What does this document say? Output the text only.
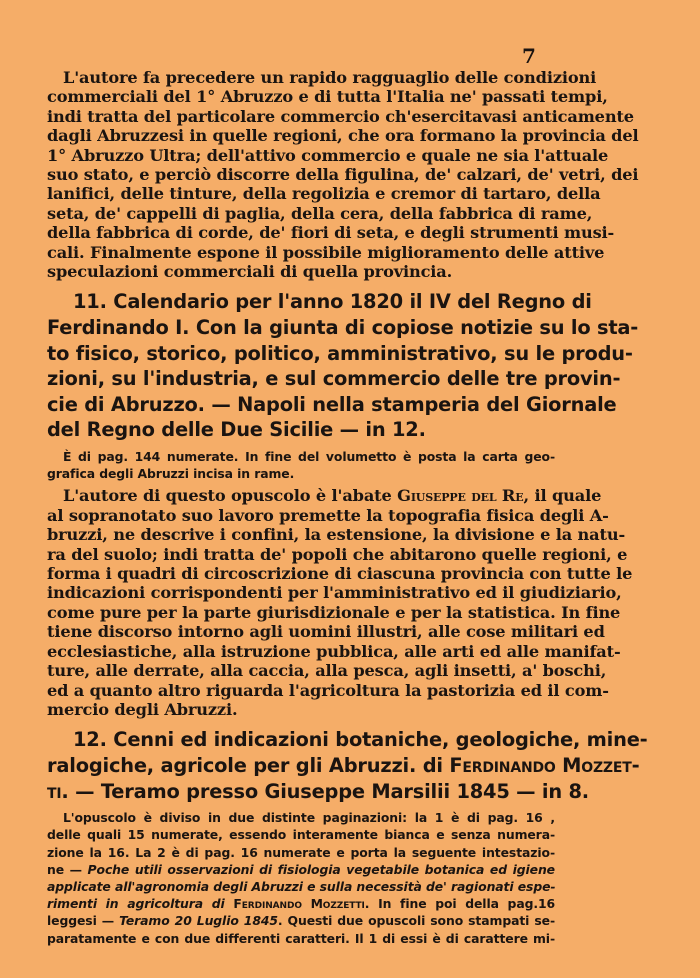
7

L'autore fa precedere un rapido ragguaglio delle condizioni
commerciali del 1° Abruzzo e di tutta l'Italia ne' passati tempi,
indi tratta del particolare commercio ch'esercitavasi anticamente
dagli Abruzzesi in quelle regioni, che ora formano la provincia del
1° Abruzzo Ultra; dell'attivo commercio e quale ne sia l'attuale
suo stato, e perciò discorre della figulina, de' calzari, de' vetri, dei
lanifici, delle tinture, della regolizia e cremor di tartaro, della
seta, de' cappelli di paglia, della cera, della fabbrica di rame,
della fabbrica di corde, de' fiori di seta, e degli strumenti musi-
cali. Finalmente espone il possibile miglioramento delle attive
speculazioni commerciali di quella provincia.

11. Calendario per l'anno 1820 il IV del Regno di
Ferdinando I. Con la giunta di copiose notizie su lo sta-
to fisico, storico, politico, amministrativo, su le produ-
zioni, su l'industria, e sul commercio delle tre provin-
cie di Abruzzo. — Napoli nella stamperia del Giornale
del Regno delle Due Sicilie — in 12.

È di pag. 144 numerate. In fine del volumetto è posta la carta geo-
grafica degli Abruzzi incisa in rame.

L'autore di questo opuscolo è l'abate Giuseppe del Re, il quale
al sopranotato suo lavoro premette la topografia fisica degli A-
bruzzi, ne descrive i confini, la estensione, la divisione e la natu-
ra del suolo; indi tratta de' popoli che abitarono quelle regioni, e
forma i quadri di circoscrizione di ciascuna provincia con tutte le
indicazioni corrispondenti per l'amministrativo ed il giudiziario,
come pure per la parte giurisdizionale e per la statistica. In fine
tiene discorso intorno agli uomini illustri, alle cose militari ed
ecclesiastiche, alla istruzione pubblica, alle arti ed alle manifat-
ture, alle derrate, alla caccia, alla pesca, agli insetti, a' boschi,
ed a quanto altro riguarda l'agricoltura la pastorizia ed il com-
mercio degli Abruzzi.

12. Cenni ed indicazioni botaniche, geologiche, mine-
ralogiche, agricole per gli Abruzzi. di Ferdinando Mozzet-
ti. — Teramo presso Giuseppe Marsilii 1845 — in 8.

L'opuscolo è diviso in due distinte paginazioni: la 1 è di pag. 16 ,
delle quali 15 numerate, essendo interamente bianca e senza numera-
zione la 16. La 2 è di pag. 16 numerate e porta la seguente intestazio-
ne — Poche utili osservazioni di fisiologia vegetabile botanica ed igiene
applicate all'agronomia degli Abruzzi e sulla necessità de' ragionati espe-
rimenti in agricoltura di Ferdinando Mozzetti. In fine poi della pag.16
leggesi — Teramo 20 Luglio 1845. Questi due opuscoli sono stampati se-
paratamente e con due differenti caratteri. Il 1 di essi è di carattere mi-
